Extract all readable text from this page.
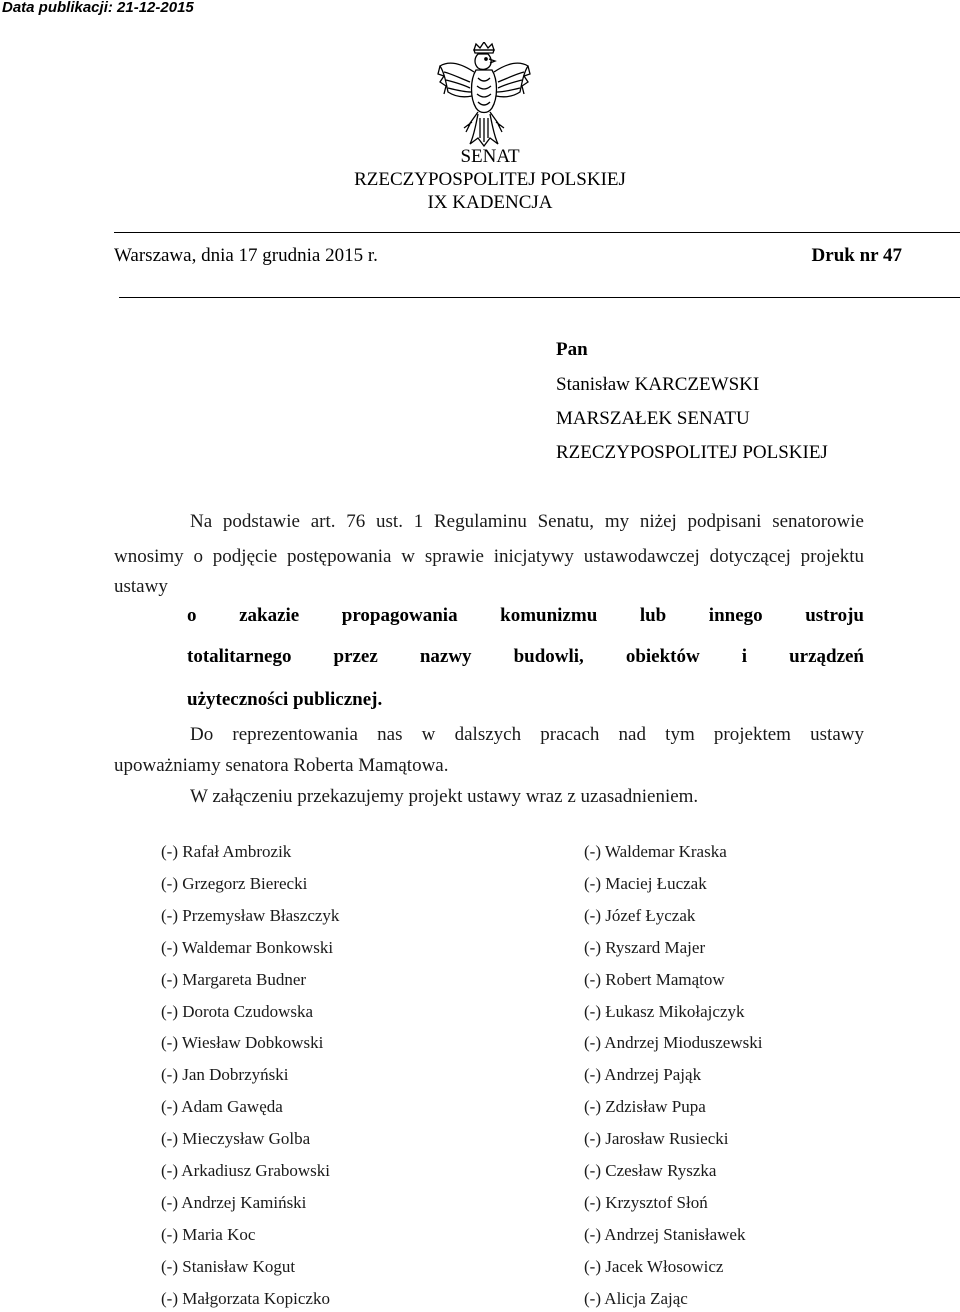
Data publikacji: 21-12-2015
SENAT
RZECZYPOSPOLITEJ POLSKIEJ
IX KADENCJA
Warszawa, dnia 17 grudnia 2015 r.	Druk nr 47
Pan
Stanisław KARCZEWSKI
MARSZAŁEK SENATU
RZECZYPOSPOLITEJ POLSKIEJ
Na podstawie art. 76 ust. 1 Regulaminu Senatu, my niżej podpisani senatorowie
wnosimy o podjęcie postępowania w sprawie inicjatywy ustawodawczej dotyczącej projektu
ustawy
o zakazie propagowania komunizmu lub innego ustroju
totalitarnego przez nazwy budowli, obiektów i urządzeń
użyteczności publicznej.
Do reprezentowania nas w dalszych pracach nad tym projektem ustawy
upoważniamy senatora Roberta Mamątowa.
W załączeniu przekazujemy projekt ustawy wraz z uzasadnieniem.
(-) Rafał Ambrozik
(-) Grzegorz Bierecki
(-) Przemysław Błaszczyk
(-) Waldemar Bonkowski
(-) Margareta Budner
(-) Dorota Czudowska
(-) Wiesław Dobkowski
(-) Jan Dobrzyński
(-) Adam Gawęda
(-) Mieczysław Golba
(-) Arkadiusz Grabowski
(-) Andrzej Kamiński
(-) Maria Koc
(-) Stanisław Kogut
(-) Małgorzata Kopiczko
(-) Waldemar Kraska
(-) Maciej Łuczak
(-) Józef Łyczak
(-) Ryszard Majer
(-) Robert Mamątow
(-) Łukasz Mikołajczyk
(-) Andrzej Mioduszewski
(-) Andrzej Pająk
(-) Zdzisław Pupa
(-) Jarosław Rusiecki
(-) Czesław Ryszka
(-) Krzysztof Słoń
(-) Andrzej Stanisławek
(-) Jacek Włosowicz
(-) Alicja Zając
